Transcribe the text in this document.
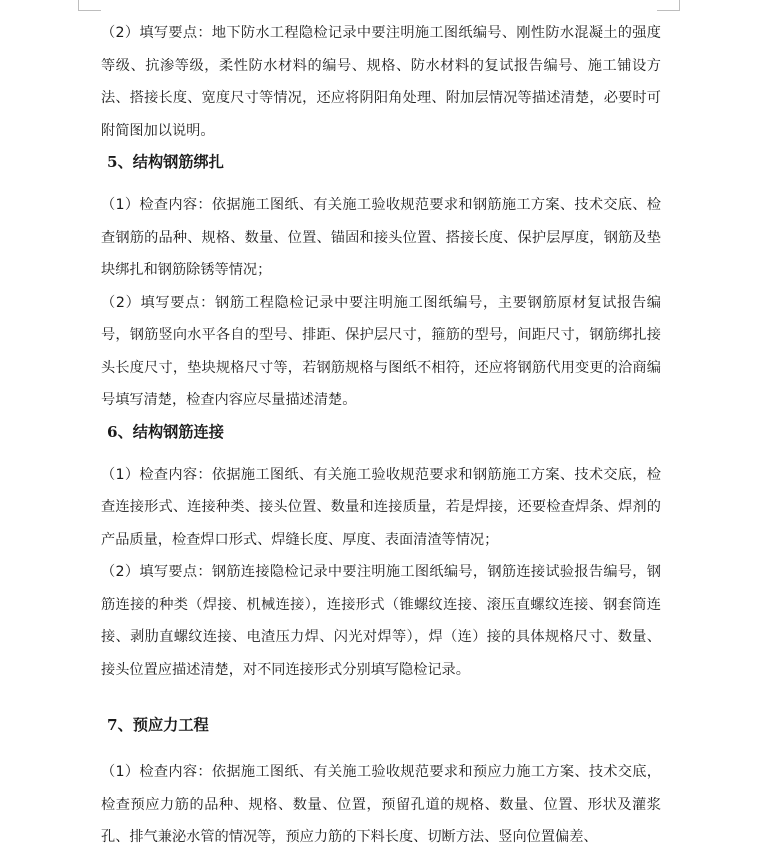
（2）填写要点：地下防水工程隐检记录中要注明施工图纸编号、刚性防水混凝土的强度等级、抗渗等级，柔性防水材料的编号、规格、防水材料的复试报告编号、施工铺设方法、搭接长度、宽度尺寸等情况，还应将阴阳角处理、附加层情况等描述清楚，必要时可附简图加以说明。

5、结构钢筋绑扎

（1）检查内容：依据施工图纸、有关施工验收规范要求和钢筋施工方案、技术交底、检查钢筋的品种、规格、数量、位置、锚固和接头位置、搭接长度、保护层厚度，钢筋及垫块绑扎和钢筋除锈等情况；

（2）填写要点：钢筋工程隐检记录中要注明施工图纸编号，主要钢筋原材复试报告编号，钢筋竖向水平各自的型号、排距、保护层尺寸，箍筋的型号，间距尺寸，钢筋绑扎接头长度尺寸，垫块规格尺寸等，若钢筋规格与图纸不相符，还应将钢筋代用变更的洽商编号填写清楚，检查内容应尽量描述清楚。

6、结构钢筋连接

（1）检查内容：依据施工图纸、有关施工验收规范要求和钢筋施工方案、技术交底，检查连接形式、连接种类、接头位置、数量和连接质量，若是焊接，还要检查焊条、焊剂的产品质量，检查焊口形式、焊缝长度、厚度、表面清渣等情况；

（2）填写要点：钢筋连接隐检记录中要注明施工图纸编号，钢筋连接试验报告编号，钢筋连接的种类（焊接、机械连接），连接形式（锥螺纹连接、滚压直螺纹连接、钢套筒连接、剥肋直螺纹连接、电渣压力焊、闪光对焊等），焊（连）接的具体规格尺寸、数量、接头位置应描述清楚，对不同连接形式分别填写隐检记录。

7、预应力工程

（1）检查内容：依据施工图纸、有关施工验收规范要求和预应力施工方案、技术交底，检查预应力筋的品种、规格、数量、位置，预留孔道的规格、数量、位置、形状及灌浆孔、排气兼泌水管的情况等，预应力筋的下料长度、切断方法、竖向位置偏差、
